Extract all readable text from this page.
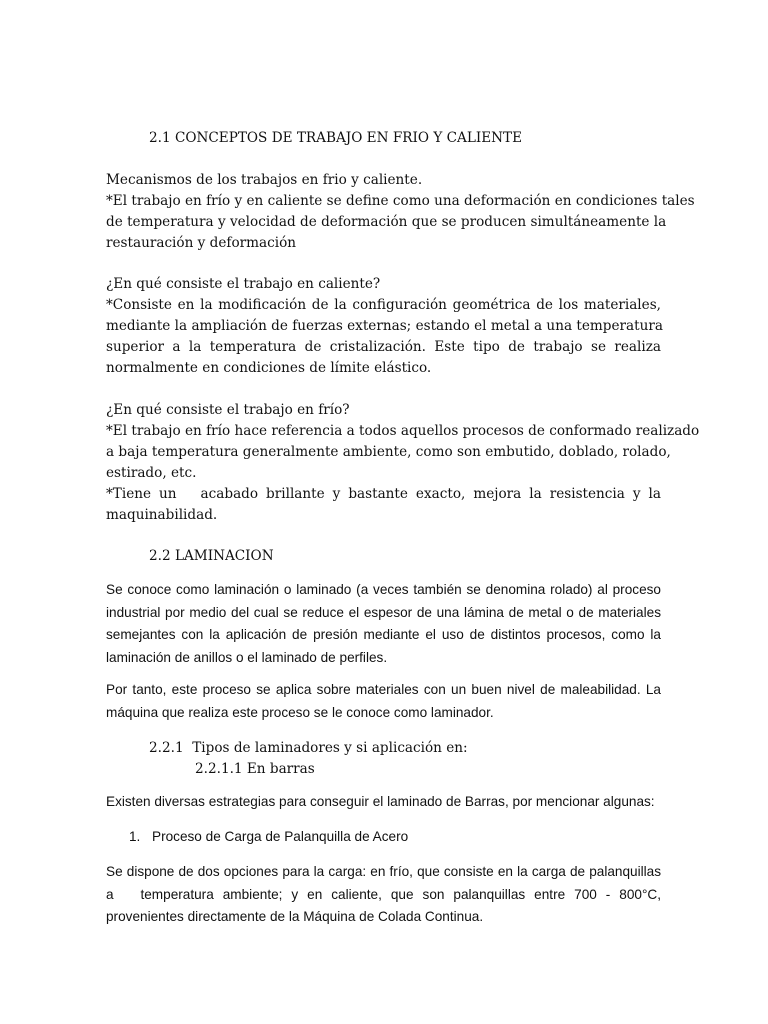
2.1 CONCEPTOS DE TRABAJO EN FRIO Y CALIENTE
Mecanismos de los trabajos en frio y caliente.
*El trabajo en frío y en caliente se define como una deformación en condiciones tales
de temperatura y velocidad de deformación que se producen simultáneamente la
restauración y deformación
¿En qué consiste el trabajo en caliente?
*Consiste en la modificación de la configuración geométrica de los materiales,
mediante la ampliación de fuerzas externas; estando el metal a una temperatura
superior a la temperatura de cristalización. Este tipo de trabajo se realiza
normalmente en condiciones de límite elástico.
¿En qué consiste el trabajo en frío?
*El trabajo en frío hace referencia a todos aquellos procesos de conformado realizado
a baja temperatura generalmente ambiente, como son embutido, doblado, rolado,
estirado, etc.
*Tiene un   acabado brillante y bastante exacto, mejora la resistencia y la
maquinabilidad.
2.2 LAMINACION
Se conoce como laminación o laminado (a veces también se denomina rolado) al proceso
industrial por medio del cual se reduce el espesor de una lámina de metal o de materiales
semejantes con la aplicación de presión mediante el uso de distintos procesos, como la
laminación de anillos o el laminado de perfiles.
Por tanto, este proceso se aplica sobre materiales con un buen nivel de maleabilidad. La
máquina que realiza este proceso se le conoce como laminador.
2.2.1  Tipos de laminadores y si aplicación en:
2.2.1.1 En barras
Existen diversas estrategias para conseguir el laminado de Barras, por mencionar algunas:
1. Proceso de Carga de Palanquilla de Acero
Se dispone de dos opciones para la carga: en frío, que consiste en la carga de palanquillas
a   temperatura ambiente; y en caliente, que son palanquillas entre 700 - 800°C,
provenientes directamente de la Máquina de Colada Continua.
